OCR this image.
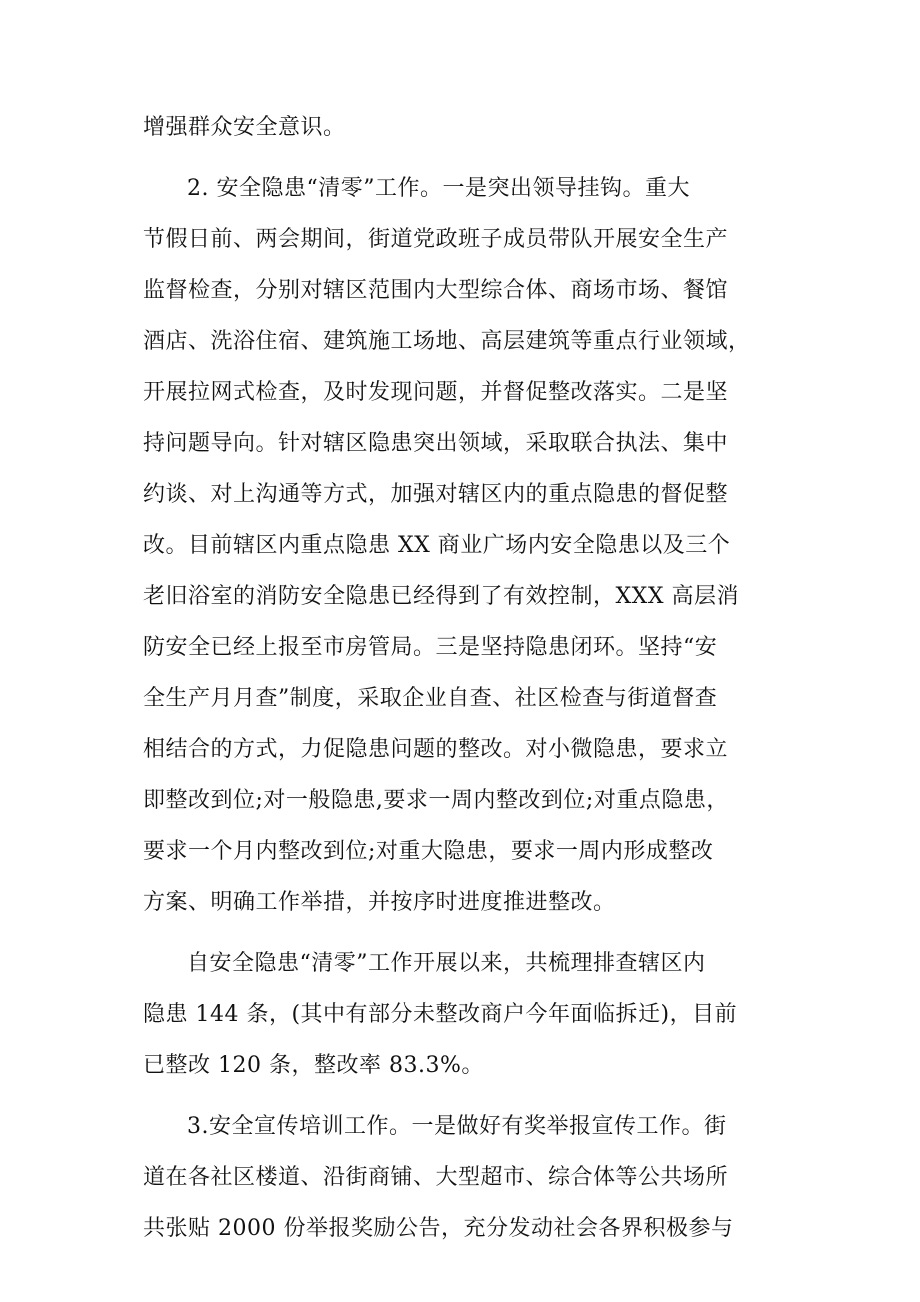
增强群众安全意识。
2. 安全隐患“清零”工作。一是突出领导挂钩。重大
节假日前、两会期间，街道党政班子成员带队开展安全生产
监督检查，分别对辖区范围内大型综合体、商场市场、餐馆
酒店、洗浴住宿、建筑施工场地、高层建筑等重点行业领域，
开展拉网式检查，及时发现问题，并督促整改落实。二是坚
持问题导向。针对辖区隐患突出领域，采取联合执法、集中
约谈、对上沟通等方式，加强对辖区内的重点隐患的督促整
改。目前辖区内重点隐患 XX 商业广场内安全隐患以及三个
老旧浴室的消防安全隐患已经得到了有效控制，XXX 高层消
防安全已经上报至市房管局。三是坚持隐患闭环。坚持“安
全生产月月查”制度，采取企业自查、社区检查与街道督查
相结合的方式，力促隐患问题的整改。对小微隐患，要求立
即整改到位;对一般隐患,要求一周内整改到位;对重点隐患，
要求一个月内整改到位;对重大隐患，要求一周内形成整改
方案、明确工作举措，并按序时进度推进整改。
自安全隐患“清零”工作开展以来，共梳理排查辖区内
隐患 144 条，(其中有部分未整改商户今年面临拆迁)，目前
已整改 120 条，整改率 83.3%。
3.安全宣传培训工作。一是做好有奖举报宣传工作。街
道在各社区楼道、沿街商铺、大型超市、综合体等公共场所
共张贴 2000 份举报奖励公告，充分发动社会各界积极参与
